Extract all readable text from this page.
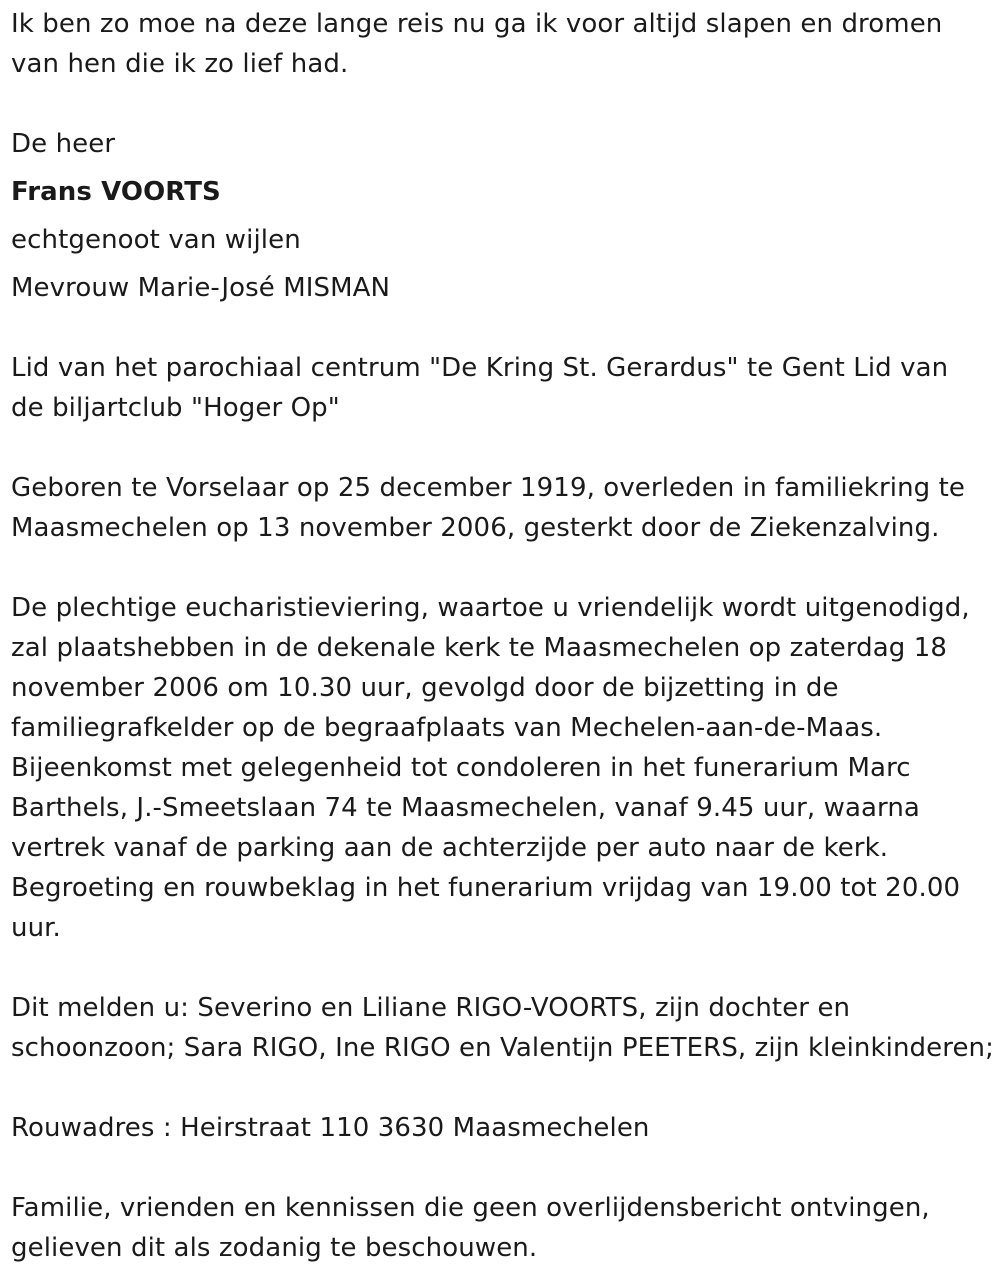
Ik ben zo moe na deze lange reis nu ga ik voor altijd slapen en dromen

van hen die ik zo lief had.

De heer

Frans VOORTS

echtgenoot van wijlen

Mevrouw Marie-José MISMAN

Lid van het parochiaal centrum "De Kring St. Gerardus" te Gent Lid van

de biljartclub "Hoger Op"

Geboren te Vorselaar op 25 december 1919, overleden in familiekring te

Maasmechelen op 13 november 2006, gesterkt door de Ziekenzalving.

De plechtige eucharistieviering, waartoe u vriendelijk wordt uitgenodigd,

zal plaatshebben in de dekenale kerk te Maasmechelen op zaterdag 18

november 2006 om 10.30 uur, gevolgd door de bijzetting in de

familiegrafkelder op de begraafplaats van Mechelen-aan-de-Maas.

Bijeenkomst met gelegenheid tot condoleren in het funerarium Marc

Barthels, J.-Smeetslaan 74 te Maasmechelen, vanaf 9.45 uur, waarna

vertrek vanaf de parking aan de achterzijde per auto naar de kerk.

Begroeting en rouwbeklag in het funerarium vrijdag van 19.00 tot 20.00

uur.

Dit melden u: Severino en Liliane RIGO-VOORTS, zijn dochter en

schoonzoon; Sara RIGO, Ine RIGO en Valentijn PEETERS, zijn kleinkinderen;

Rouwadres : Heirstraat 110 3630 Maasmechelen

Familie, vrienden en kennissen die geen overlijdensbericht ontvingen,

gelieven dit als zodanig te beschouwen.
